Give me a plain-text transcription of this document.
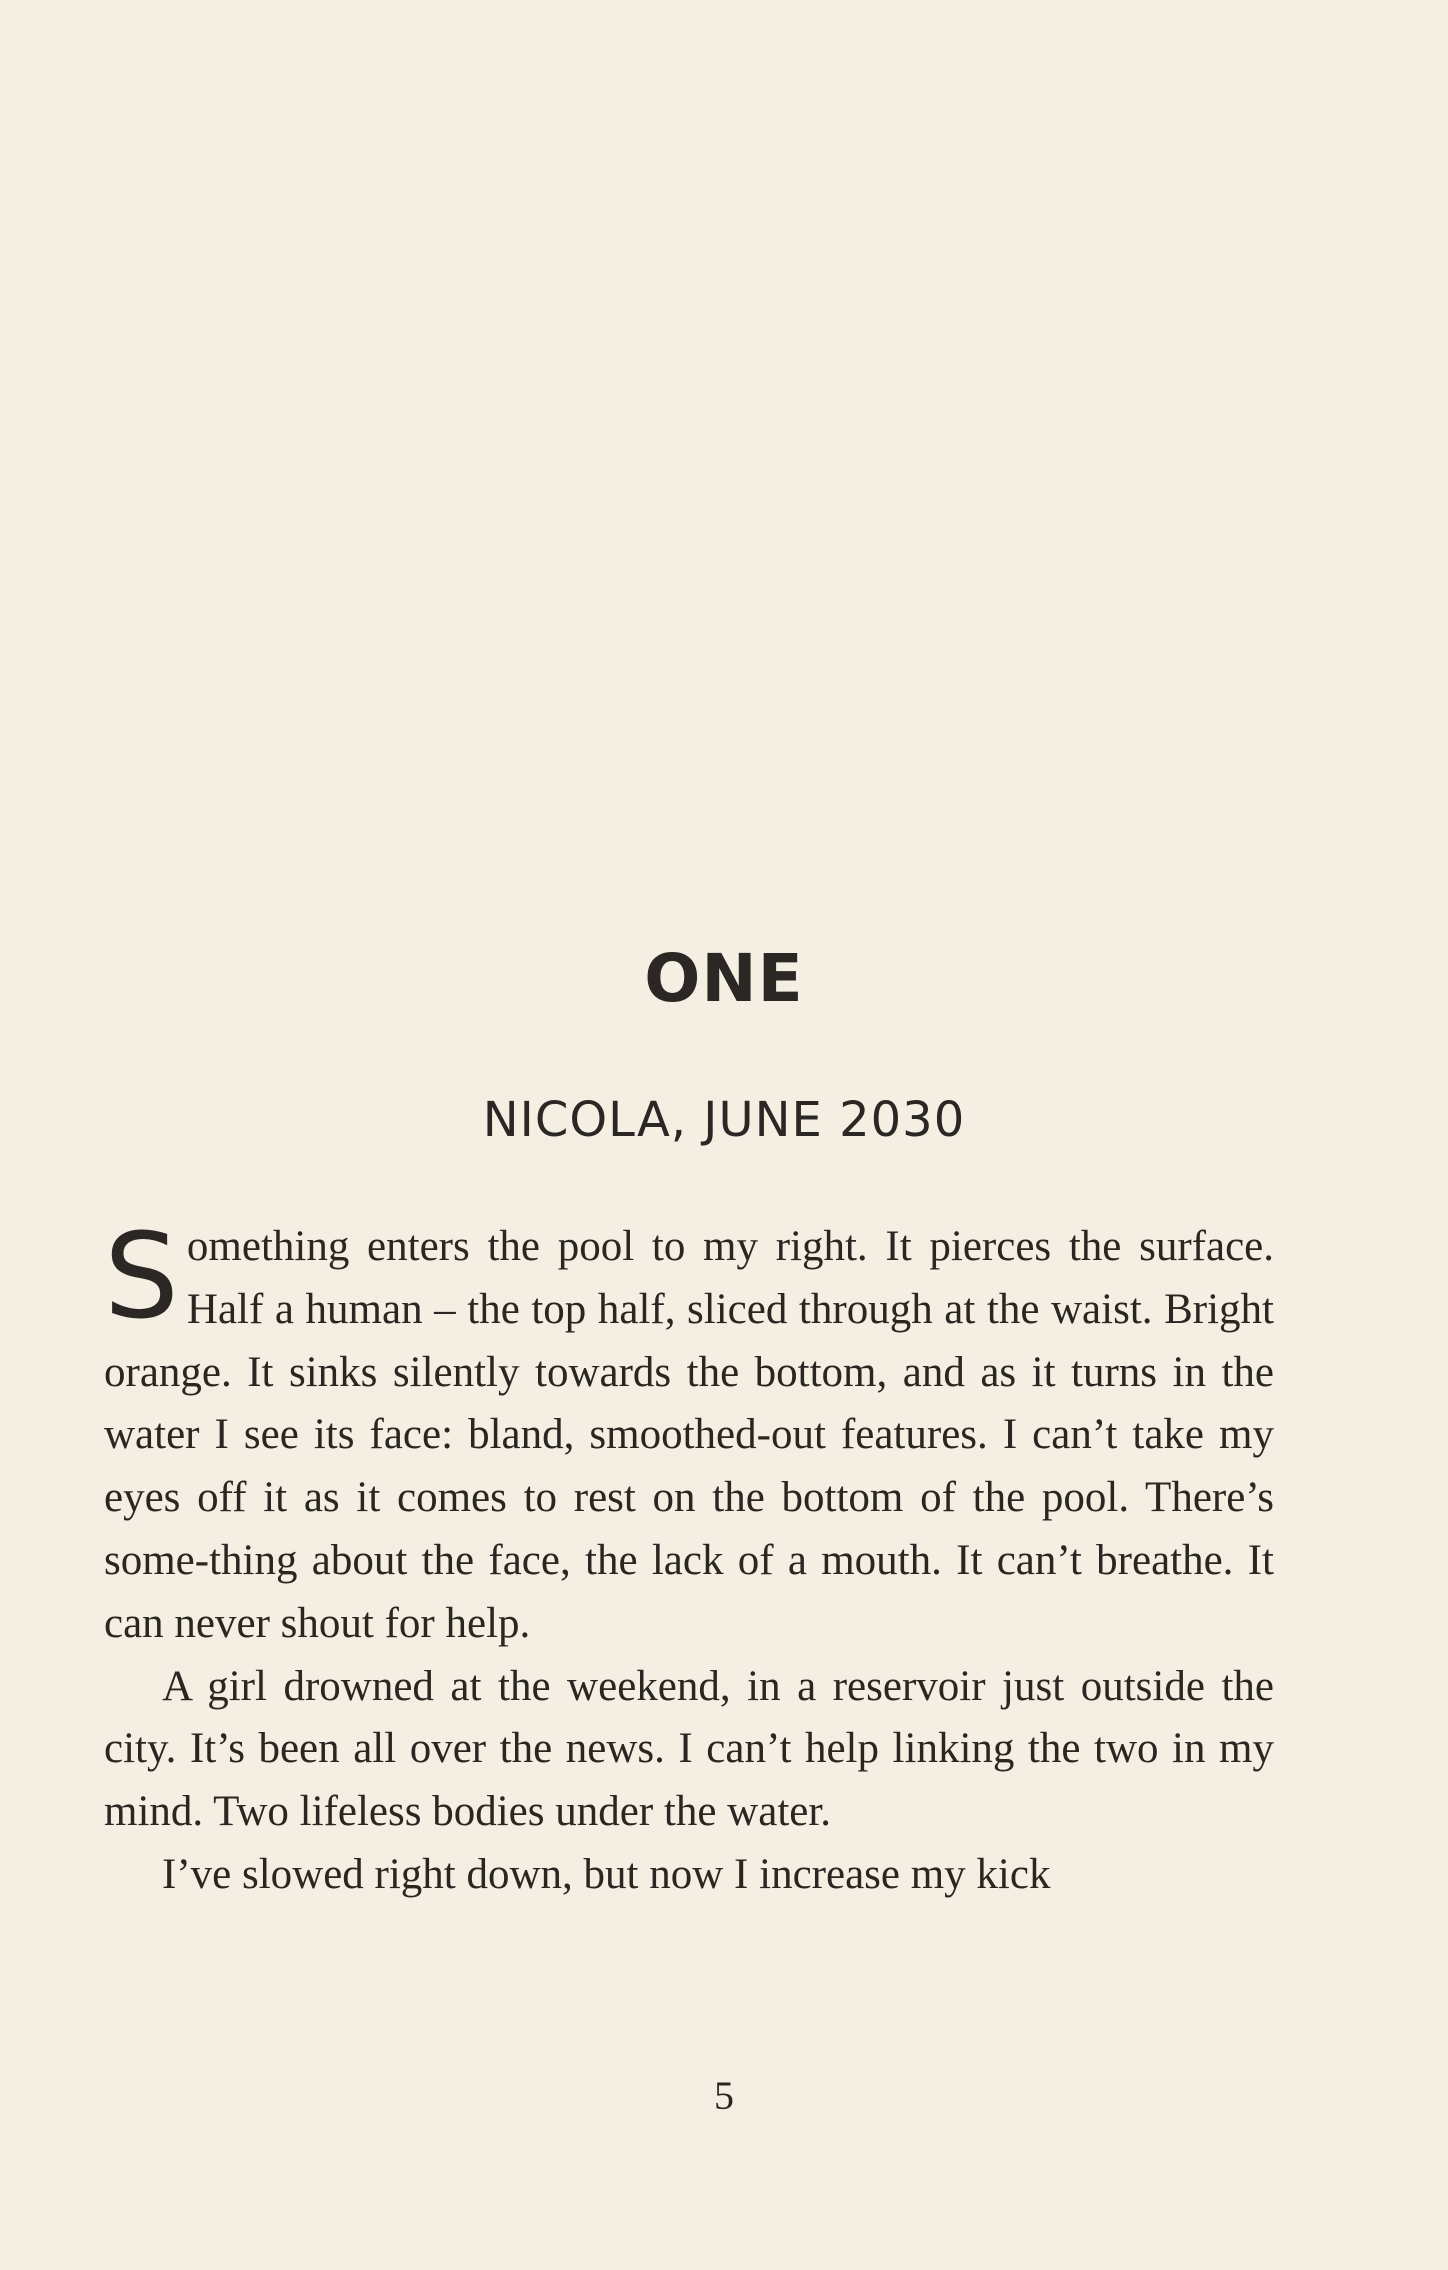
ONE
NICOLA, JUNE 2030

Something enters the pool to my right. It pierces the surface. Half a human – the top half, sliced through at the waist. Bright orange. It sinks silently towards the bottom, and as it turns in the water I see its face: bland, smoothed-out features. I can’t take my eyes off it as it comes to rest on the bottom of the pool. There’s some-thing about the face, the lack of a mouth. It can’t breathe. It can never shout for help.

A girl drowned at the weekend, in a reservoir just outside the city. It’s been all over the news. I can’t help linking the two in my mind. Two lifeless bodies under the water.

I’ve slowed right down, but now I increase my kick

5
